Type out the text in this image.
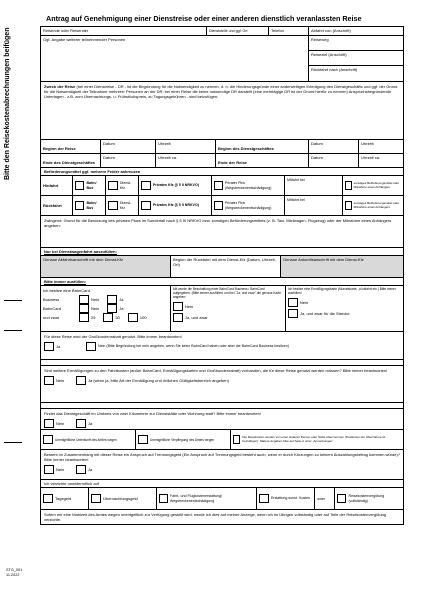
Bitte den Reisekostenabrechnungen beifügen
STG_001
11.2022
Antrag auf Genehmigung einer Dienstreise oder einer anderen dienstlich veranlassten Reise
Reisende oder Reisender	Dienststelle und ggf. Ort	Telefon	Abfahrt von (Anschrift)
Ggf. Angabe weiterer teilnehmender Personen	Reiseweg
Reiseziel (Anschrift)
Rückfahrt nach (Anschrift)
Zweck der Reise (bei einer Dienstreise - DR - ist die Begründung für die Notwendigkeit zu nennen, d. h. die Hinderungsgründe einer anderweitigen Erledigung des Dienstgeschäfts und ggf. der Grund für die Notwendigkeit der Teilnahme mehrerer Personen an der DR; bei einer Reise die keine notwendige DR darstellt (eine mehrtägige DR ist der Grund hierfür zu nennen) Anspruchsbegründende Unterlagen - z.B. zum Übernachtungs- u. Frühstückspreis, zu Tagungsgebühren - sind beizufügen:
Beginn der Reise
Datum	Uhrzeit
Beginn des Dienstgeschäftes
Datum	Uhrzeit
Ende des Dienstgeschäftes
Datum	Uhrzeit ca.
Ende der Reise
Datum	Uhrzeit ca.
Beförderungsmittel ggf. mehrere Felder ankreuzen
Hinfahrt	Bahn/ Bus
Dienst-Kfz
Privates Kfz (§ 5 II NRKVO)
Privater Pkw (Wegstreckenentschädigung)
Mitfahrt bei
sonstiges Beförderungsmittel oder Mitnahme eines Anhängers
Rückfahrt	Bahn/ Bus
Dienst-Kfz
Privates Kfz (§ 5 II NRKVO)
Privater Pkw (Wegstreckenentschädigung)
Mitfahrt bei
sonstiges Beförderungsmittel oder Mitnahme eines Anhängers
Zwingend: Grund für die Benutzung des privaten Pkws im Sonderfall nach § 5 III NRKVO bzw. sonstigen Beförderungsmittels (z. B. Taxi, Mietwagen, Flugzeug) oder der Mitnahme eines Anhängers angeben:
Nur bei Dienstwagenfahrt auszufüllen:
Genaue Abfahrtsanschrift mit dem Dienst-Kfz	Beginn der Rückfahrt mit dem Dienst-Kfz (Datum, Uhrzeit, Ort)
Genaue Ankunftsanschrift mit dem Dienst-Kfz
Bitte immer ausfüllen:
Ich besitze eine BahnCard
Business	Nein	Ja
BahnCard	Nein	Ja
und zwar	25	50	100
Mit wurde die Beschaffung einer BahnCard Business / BahnCard aufgegeben. (Bitte immer ausfüllen! und bei "Ja, und zwar" die genaue Karte angeben
Nein
Ja, und zwar
Ich besitze eine Ermäßigungskarte (Monatskarte, „rückfahrt etc.) Bitte immer ausfüllen!
Nein
Ja, und zwar für die Strecke
Für diese Reise wird der Großkundenrabatt genutzt. Bitte immer beantworten!
Ja	Nein (Bitte Begründung bei nein angeben, wenn Sie keine BahnCard haben oder aber die BahnCard Business besitzen)
Sind weitere Ermäßigungen zu den Fahrtkosten (außer BahnCard, Ermäßigungskarten und Großkundenrabatt) vorhanden, die für diese Reise genutzt werden müssen? Bitte immer beantworten!
Nein	Ja (wenn ja, bitte Art der Ermäßigung und örtlichen Gültigkeitsbereich angeben)
Findet das Dienstgeschäft im Umkreis von zwei Kilometern zur Dienststätte oder Wohnung statt? Bitte immer beantworten!
Nein	Ja
Unentgeltliche Unterkunft des Amtes wegen	Unentgeltliche Verpflegung des Amtes wegen
Die Reisekosten werden von einer anderen Person oder Stelle übernommen (Positionen der Übernahme ist beizufügen). Nähere Angaben bitte auf Seite 2 unter „Anmerkungen“
Besteht im Zusammenhang mit dieser Reise ein Anspruch auf Trennungsgeld (Ein Anspruch auf Trennungsgeld besteht auch, wenn er durch Kürzungen zu keinem Auszahlungsbetrag kommen würde)? Bitte immer beantworten!
Nein	Ja
Ich verzichte unwiderruflich auf
Tagegeld	Übernachtungsgeld	Fahrt- und Flugkostenerstattung/ Wegstreckenentschädigung
Erstattung sonst. Kosten oder	Reisekostenvergütung (vollständig)
Sofern mir eine Mahlzeit des Amtes wegen unentgeltlich zur Verfügung gestellt wird, werde ich dies auf meiner Anzeige, wenn ich im Übrigen vollständig oder auf Teile der Reisekostenvergütung verzichte.
